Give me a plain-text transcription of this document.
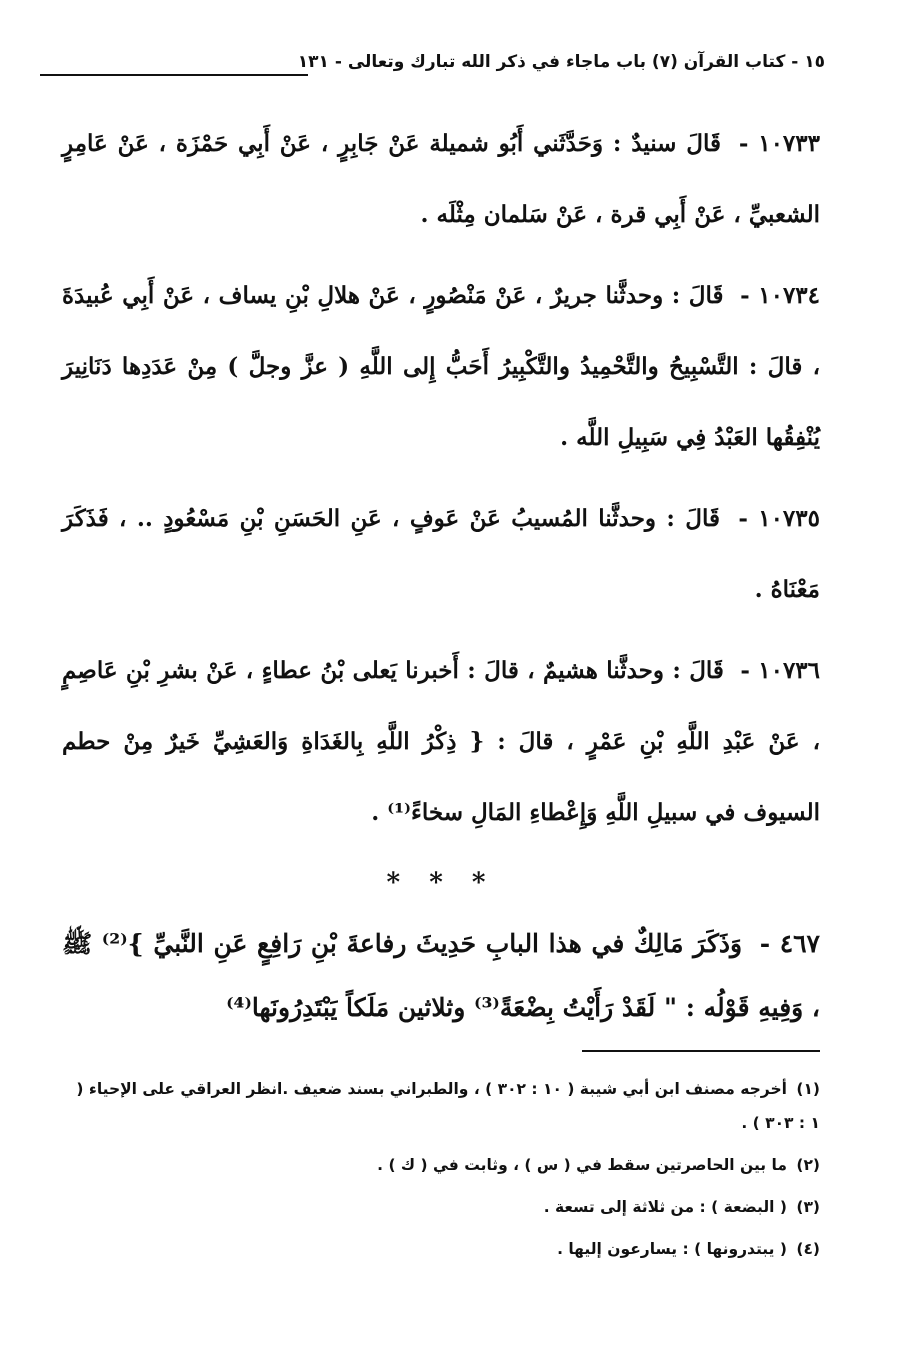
١٥ - كتاب القرآن (٧) باب ماجاء في ذكر الله تبارك وتعالى - ١٣١

١٠٧٣٣ - قَالَ سنيدٌ : وَحَدَّثَني أَبُو شميلة عَنْ جَابِرٍ ، عَنْ أَبِي حَمْزَة ، عَنْ عَامِرٍ الشعبيِّ ، عَنْ أَبِي قرة ، عَنْ سَلمان مِثْلَه .

١٠٧٣٤ - قَالَ : وحدثَّنا جريرٌ ، عَنْ مَنْصُورٍ ، عَنْ هلالِ بْنِ يساف ، عَنْ أَبِي عُبيدَةَ ، قالَ : التَّسْبِيحُ والتَّحْمِيدُ والتَّكْبِيرُ أَحَبُّ إِلى اللَّهِ ( عزَّ وجلَّ ) مِنْ عَدَدِها دَنَانِيرَ يُنْفِقُها العَبْدُ فِي سَبِيلِ اللَّه .

١٠٧٣٥ - قَالَ : وحدثَّنا المُسيبُ عَنْ عَوفٍ ، عَنِ الحَسَنِ بْنِ مَسْعُودٍ .. ، فَذَكَرَ مَعْنَاهُ .

١٠٧٣٦ - قَالَ : وحدثَّنا هشيمٌ ، قالَ : أَخبرنا يَعلى بْنُ عطاءٍ ، عَنْ بشرِ بْنِ عَاصِمٍ ، عَنْ عَبْدِ اللَّهِ بْنِ عَمْرٍ ، قالَ : { ذِكْرُ اللَّهِ بِالغَدَاةِ وَالعَشِيِّ خَيرٌ مِنْ حطم السيوف في سبيلِ اللَّهِ وَإِعْطاءِ المَالِ سخاءً⁽¹⁾ .

* * *

٤٦٧ - وَذَكَرَ مَالِكٌ في هذا البابِ حَدِيثَ رفاعةَ بْنِ رَافِعٍ عَنِ النَّبيِّ }⁽²⁾ ﷺ ، وَفِيهِ قَوْلُه : " لَقَدْ رَأَيْتُ بِضْعَةً⁽³⁾ وثلاثين مَلَكاً يَبْتَدِرُونَها⁽⁴⁾

(١) أخرجه مصنف ابن أبي شيبة ( ١٠ : ٣٠٢ ) ، والطبراني بسند ضعيف .انظر العراقي على الإحياء ( ١ : ٣٠٣ ) .

(٢) ما بين الحاصرتين سقط في ( س ) ، وثابت في ( ك ) .

(٣) ( البضعة ) : من ثلاثة إلى تسعة .

(٤) ( يبتدرونها ) : يسارعون إليها .
